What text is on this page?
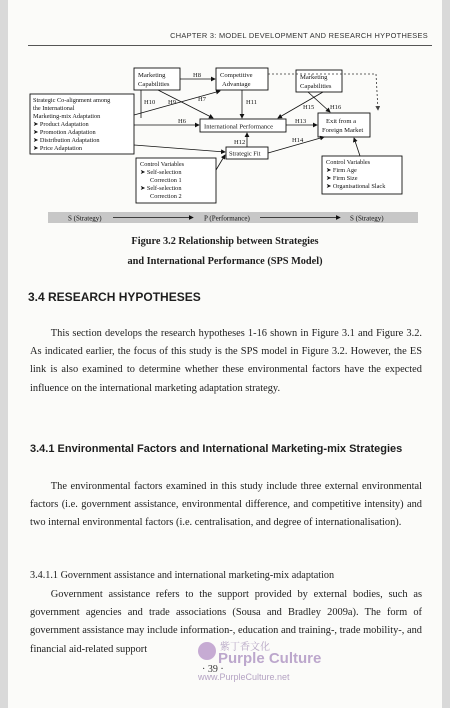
CHAPTER 3: MODEL DEVELOPMENT AND RESEARCH HYPOTHESES
Marketing
Capabilities
Competitive
Advantage
Marketing
Capabilities
Strategic Co-alignment among
the International
Marketing-mix Adaptation
➤ Product Adaptation
➤ Promotion Adaptation
➤ Distribution Adaptation
➤ Price Adaptation
International Performance
Exit from a
Foreign Market
Strategic Fit
Control Variables
➤ Self-selection
Correction 1
➤ Self-selection
Correction 2
Control Variables
➤ Firm Age
➤ Firm Size
➤ Organisational Slack
H8
H10 H9	H7
H6
H11
H15 H16
H13
H12	H14
S (Strategy)	P (Performance)	S (Strategy)
Figure 3.2 Relationship between Strategies
and International Performance (SPS Model)
3.4 RESEARCH HYPOTHESES

This section develops the research hypotheses 1-16 shown in Figure 3.1 and Figure 3.2. As indicated earlier, the focus of this study is the SPS model in Figure 3.2. However, the ES link is also examined to determine whether these environmental factors have the expected influence on the international marketing adaptation strategy.

3.4.1 Environmental Factors and International Marketing-mix Strategies

The environmental factors examined in this study include three external environmental factors (i.e. government assistance, environmental difference, and competitive intensity) and two internal environmental factors (i.e. centralisation, and degree of internationalisation).

3.4.1.1 Government assistance and international marketing-mix adaptation

Government assistance refers to the support provided by external bodies, such as government agencies and trade associations (Sousa and Bradley 2009a). The form of government assistance may include information-, education and training-, trade mobility-, and financial aid-related support	紫丁香文化
Purple Culture
www.PurpleCulture.net
· 39 ·
